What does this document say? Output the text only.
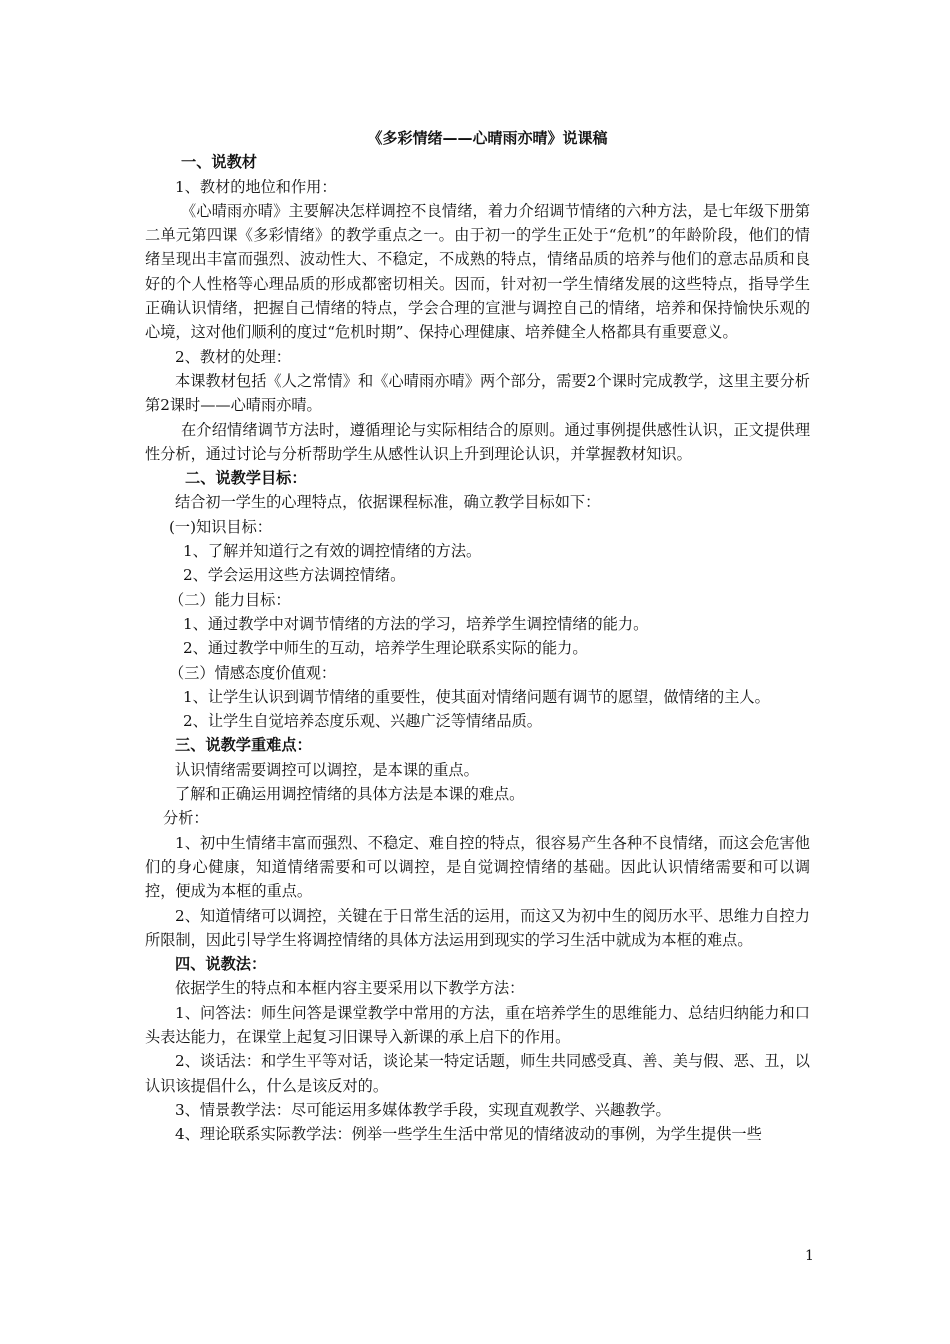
《多彩情绪——心晴雨亦晴》说课稿

一、说教材

1、教材的地位和作用：

《心晴雨亦晴》主要解决怎样调控不良情绪，着力介绍调节情绪的六种方法，是七年级下册第二单元第四课《多彩情绪》的教学重点之一。由于初一的学生正处于“危机”的年龄阶段，他们的情绪呈现出丰富而强烈、波动性大、不稳定，不成熟的特点，情绪品质的培养与他们的意志品质和良好的个人性格等心理品质的形成都密切相关。因而，针对初一学生情绪发展的这些特点，指导学生正确认识情绪，把握自己情绪的特点，学会合理的宣泄与调控自己的情绪，培养和保持愉快乐观的心境，这对他们顺利的度过“危机时期”、保持心理健康、培养健全人格都具有重要意义。

2、教材的处理：

本课教材包括《人之常情》和《心晴雨亦晴》两个部分，需要2个课时完成教学，这里主要分析第2课时——心晴雨亦晴。

在介绍情绪调节方法时，遵循理论与实际相结合的原则。通过事例提供感性认识，正文提供理性分析，通过讨论与分析帮助学生从感性认识上升到理论认识，并掌握教材知识。

二、说教学目标：

结合初一学生的心理特点，依据课程标准，确立教学目标如下：

(一)知识目标：

1、了解并知道行之有效的调控情绪的方法。

2、学会运用这些方法调控情绪。

（二）能力目标：

1、通过教学中对调节情绪的方法的学习，培养学生调控情绪的能力。

2、通过教学中师生的互动，培养学生理论联系实际的能力。

（三）情感态度价值观：

1、让学生认识到调节情绪的重要性，使其面对情绪问题有调节的愿望，做情绪的主人。

2、让学生自觉培养态度乐观、兴趣广泛等情绪品质。

三、说教学重难点：

认识情绪需要调控可以调控，是本课的重点。

了解和正确运用调控情绪的具体方法是本课的难点。

分析：

1、初中生情绪丰富而强烈、不稳定、难自控的特点，很容易产生各种不良情绪，而这会危害他们的身心健康，知道情绪需要和可以调控，是自觉调控情绪的基础。因此认识情绪需要和可以调控，便成为本框的重点。

2、知道情绪可以调控，关键在于日常生活的运用，而这又为初中生的阅历水平、思维力自控力所限制，因此引导学生将调控情绪的具体方法运用到现实的学习生活中就成为本框的难点。

四、说教法：

依据学生的特点和本框内容主要采用以下教学方法：

1、问答法：师生问答是课堂教学中常用的方法，重在培养学生的思维能力、总结归纳能力和口头表达能力，在课堂上起复习旧课导入新课的承上启下的作用。

2、谈话法：和学生平等对话，谈论某一特定话题，师生共同感受真、善、美与假、恶、丑，以认识该提倡什么，什么是该反对的。

3、情景教学法：尽可能运用多媒体教学手段，实现直观教学、兴趣教学。

4、理论联系实际教学法：例举一些学生生活中常见的情绪波动的事例，为学生提供一些

1
